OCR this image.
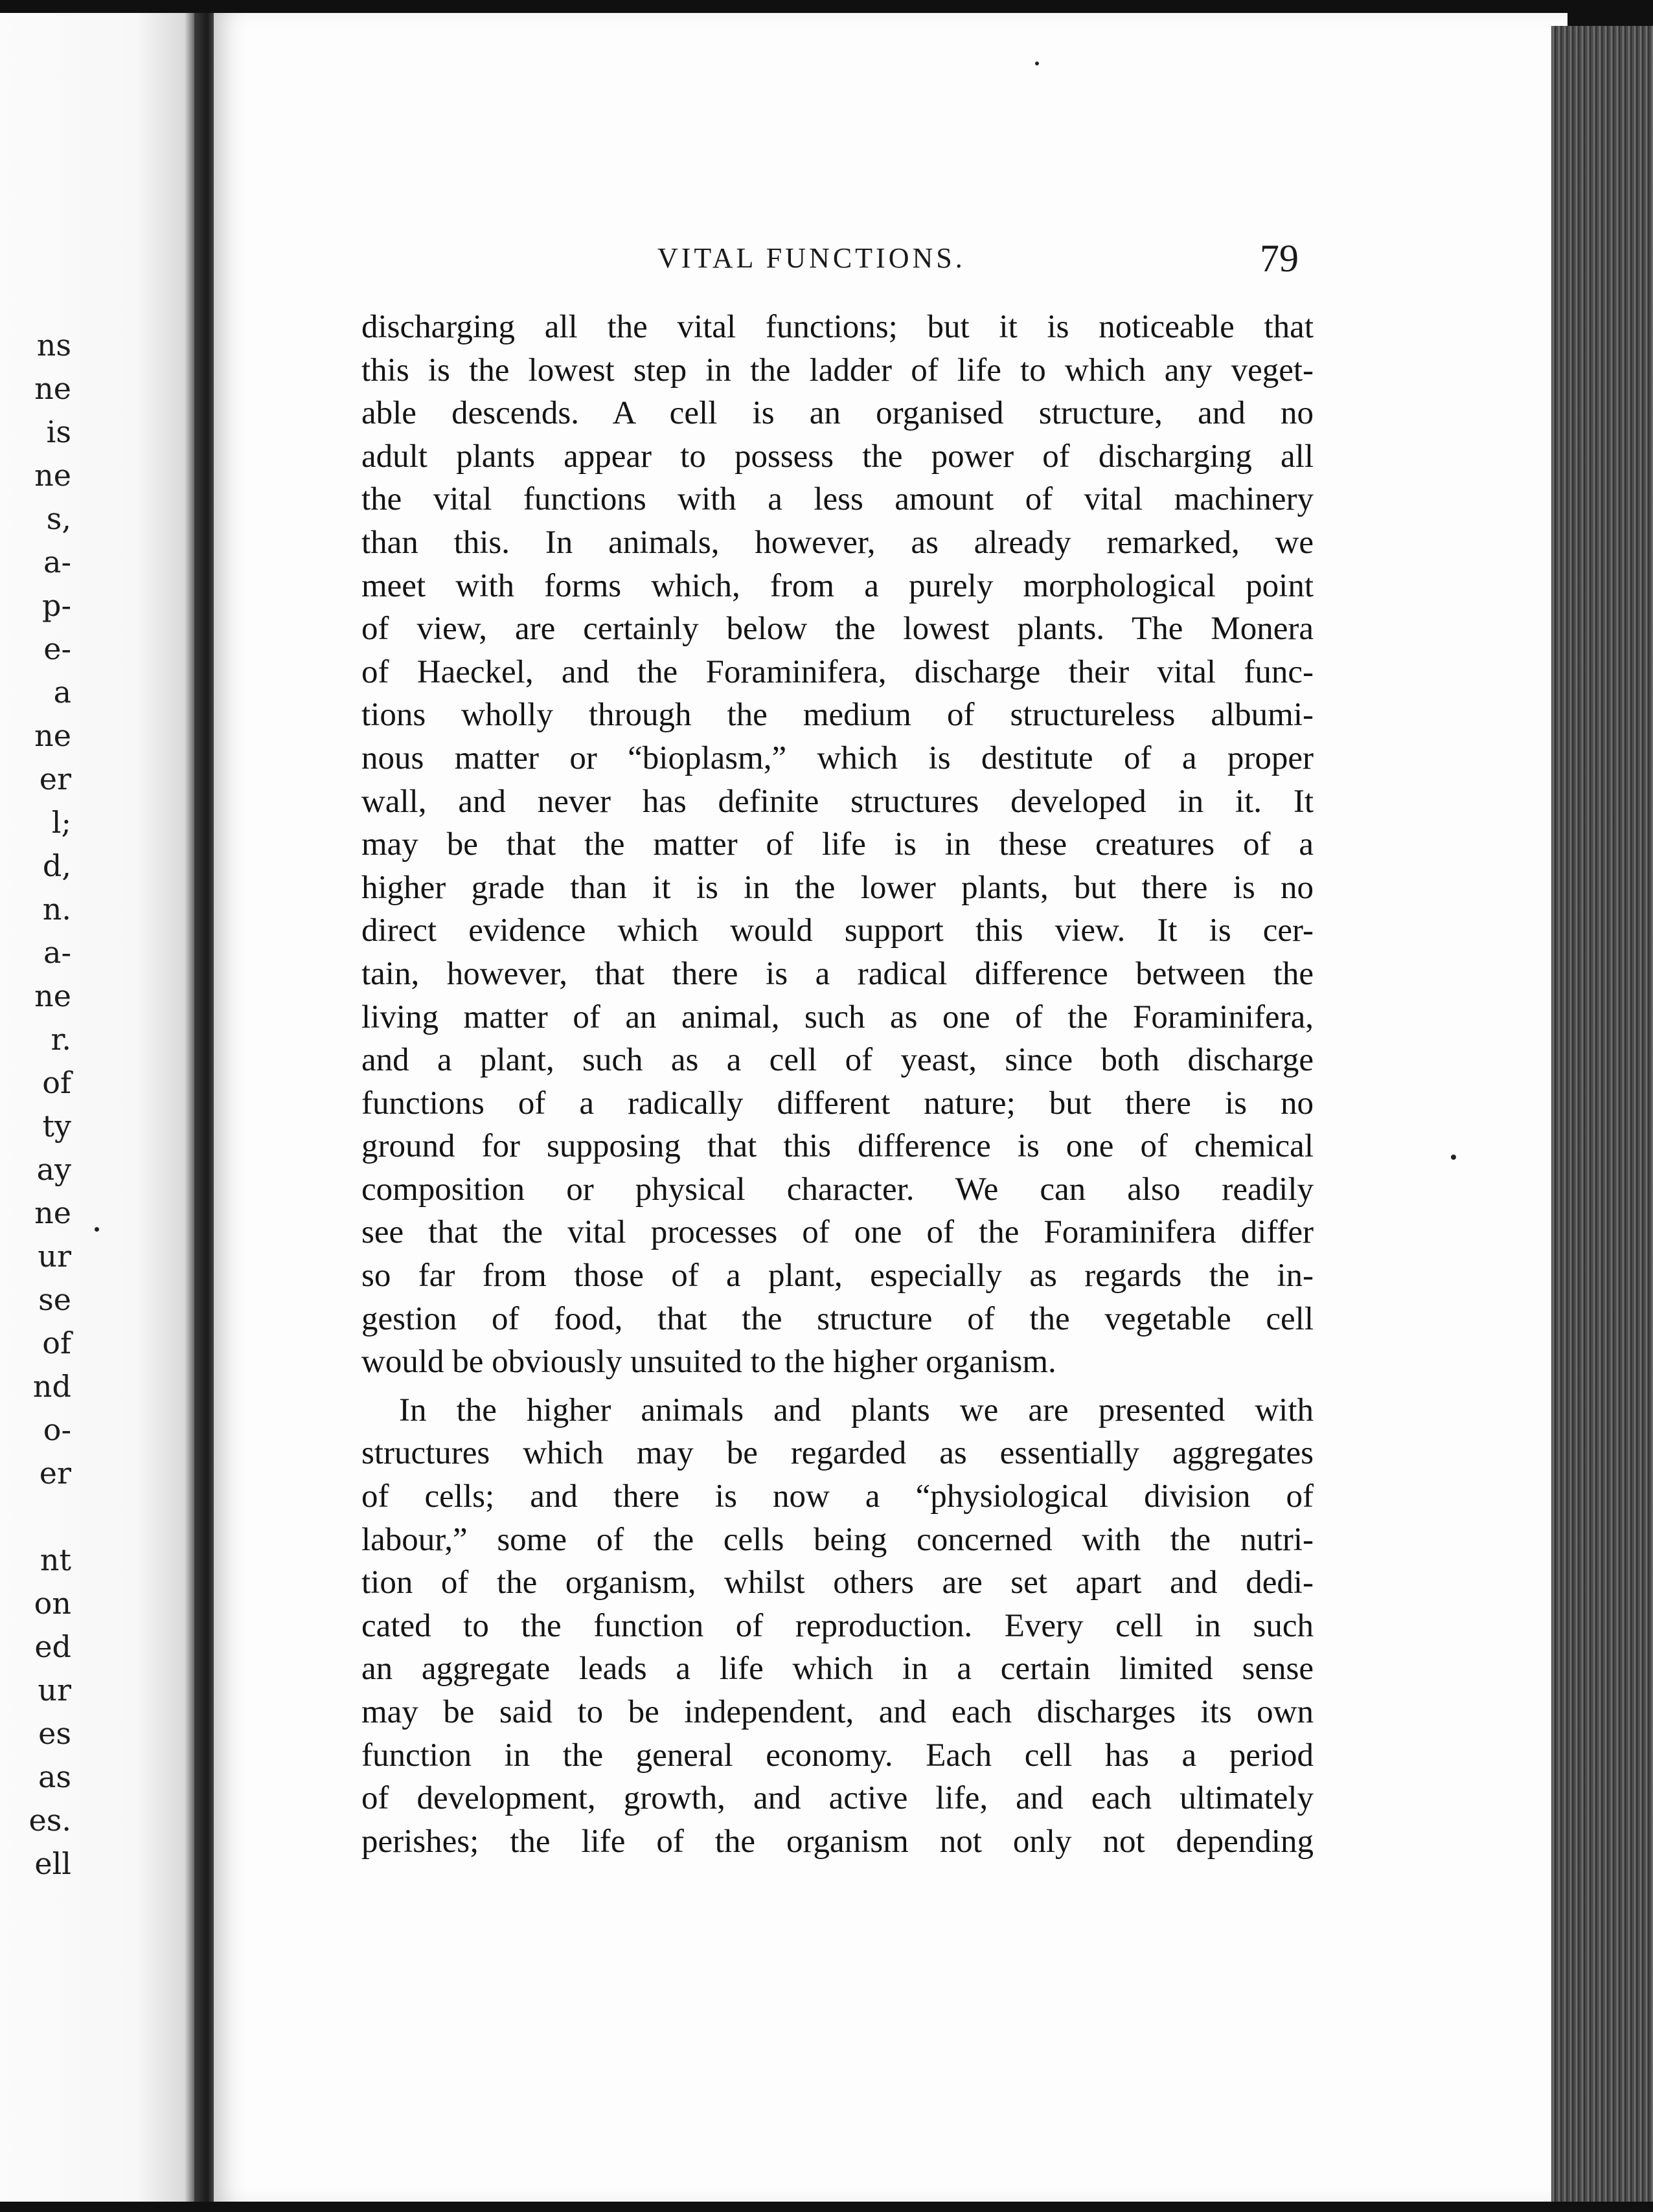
ns
ne
is
ne
s,
a-
p-
e-
a
ne
er
l;
d,
n.
a-
ne
r.
of
ty
ay
ne
ur
se
of
nd
o-
er
nt
on
ed
ur
es
as
es.
ell
VITAL FUNCTIONS.	79
discharging all the vital functions; but it is noticeable that
this is the lowest step in the ladder of life to which any veget-
able descends. A cell is an organised structure, and no
adult plants appear to possess the power of discharging all
the vital functions with a less amount of vital machinery
than this. In animals, however, as already remarked, we
meet with forms which, from a purely morphological point
of view, are certainly below the lowest plants. The Monera
of Haeckel, and the Foraminifera, discharge their vital func-
tions wholly through the medium of structureless albumi-
nous matter or “bioplasm,” which is destitute of a proper
wall, and never has definite structures developed in it. It
may be that the matter of life is in these creatures of a
higher grade than it is in the lower plants, but there is no
direct evidence which would support this view. It is cer-
tain, however, that there is a radical difference between the
living matter of an animal, such as one of the Foraminifera,
and a plant, such as a cell of yeast, since both discharge
functions of a radically different nature; but there is no
ground for supposing that this difference is one of chemical
composition or physical character. We can also readily
see that the vital processes of one of the Foraminifera differ
so far from those of a plant, especially as regards the in-
gestion of food, that the structure of the vegetable cell
would be obviously unsuited to the higher organism.
In the higher animals and plants we are presented with
structures which may be regarded as essentially aggregates
of cells; and there is now a “physiological division of
labour,” some of the cells being concerned with the nutri-
tion of the organism, whilst others are set apart and dedi-
cated to the function of reproduction. Every cell in such
an aggregate leads a life which in a certain limited sense
may be said to be independent, and each discharges its own
function in the general economy. Each cell has a period
of development, growth, and active life, and each ultimately
perishes; the life of the organism not only not depending
